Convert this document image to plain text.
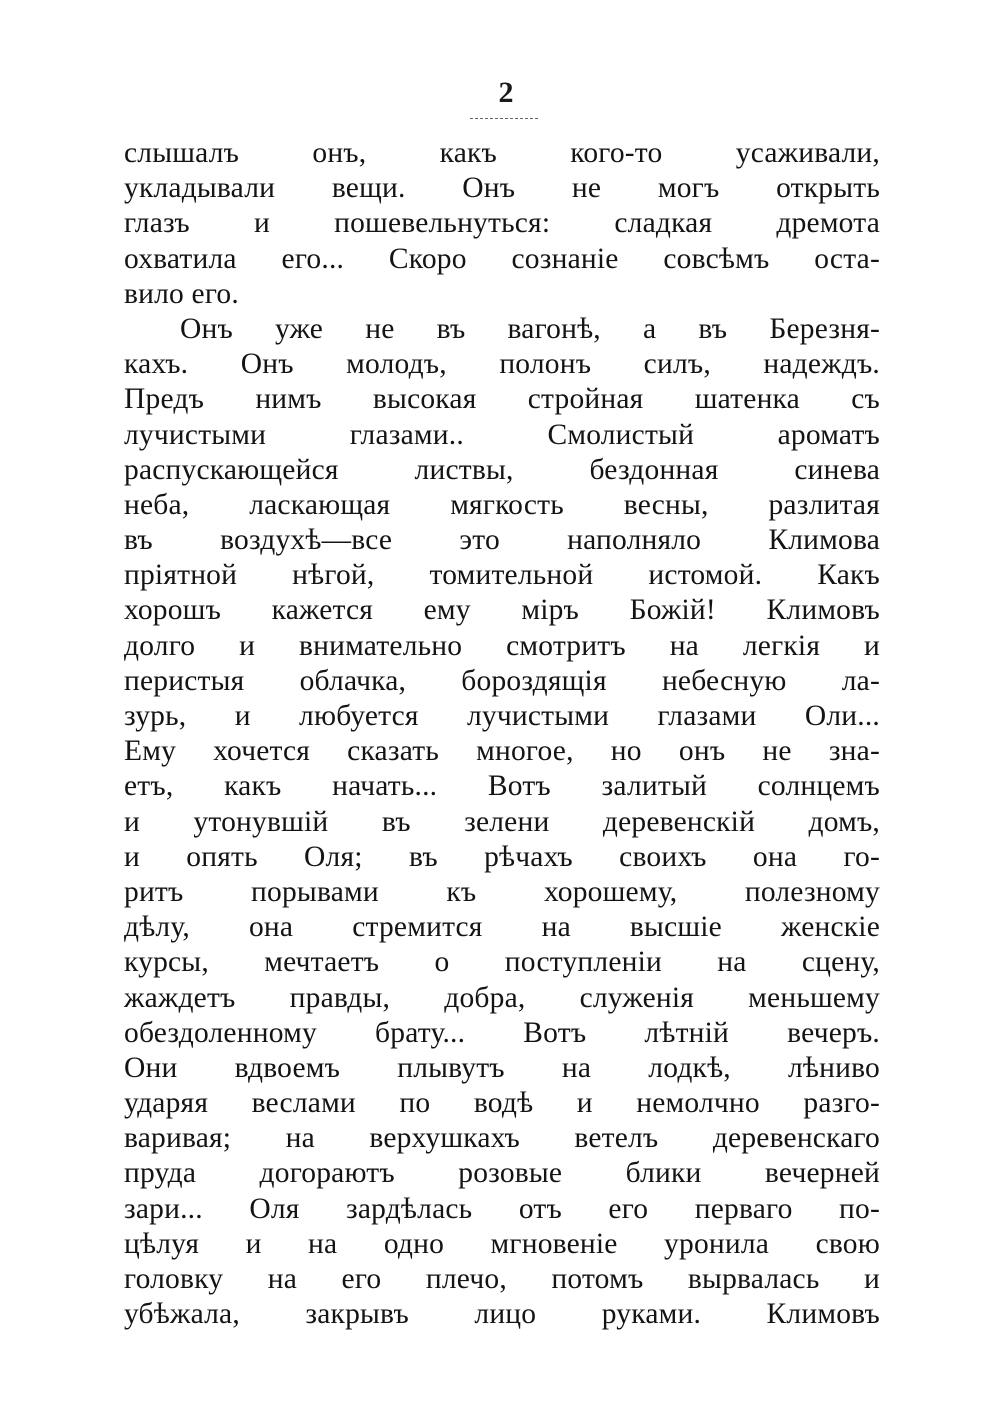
2
слышалъ онъ, какъ кого-то усаживали,
укладывали вещи. Онъ не могъ открыть
глазъ и пошевельнуться: сладкая дремота
охватила его... Скоро сознаніе совсѣмъ оста-
вило его.
Онъ уже не въ вагонѣ, а въ Березня-
кахъ. Онъ молодъ, полонъ силъ, надеждъ.
Предъ нимъ высокая стройная шатенка съ
лучистыми глазами.. Смолистый ароматъ
распускающейся листвы, бездонная синева
неба, ласкающая мягкость весны, разлитая
въ воздухѣ—все это наполняло Климова
пріятной нѣгой, томительной истомой. Какъ
хорошъ кажется ему міръ Божій! Климовъ
долго и внимательно смотритъ на легкія и
перистыя облачка, бороздящія небесную ла-
зурь, и любуется лучистыми глазами Оли...
Ему хочется сказать многое, но онъ не зна-
етъ, какъ начать... Вотъ залитый солнцемъ
и утонувшій въ зелени деревенскій домъ,
и опять Оля; въ рѣчахъ своихъ она го-
ритъ порывами къ хорошему, полезному
дѣлу, она стремится на высшіе женскіе
курсы, мечтаетъ о поступленіи на сцену,
жаждетъ правды, добра, служенія меньшему
обездоленному брату... Вотъ лѣтній вечеръ.
Они вдвоемъ плывутъ на лодкѣ, лѣниво
ударяя веслами по водѣ и немолчно разго-
варивая; на верхушкахъ ветелъ деревенскаго
пруда догораютъ розовые блики вечерней
зари... Оля зардѣлась отъ его перваго по-
цѣлуя и на одно мгновеніе уронила свою
головку на его плечо, потомъ вырвалась и
убѣжала, закрывъ лицо руками. Климовъ
